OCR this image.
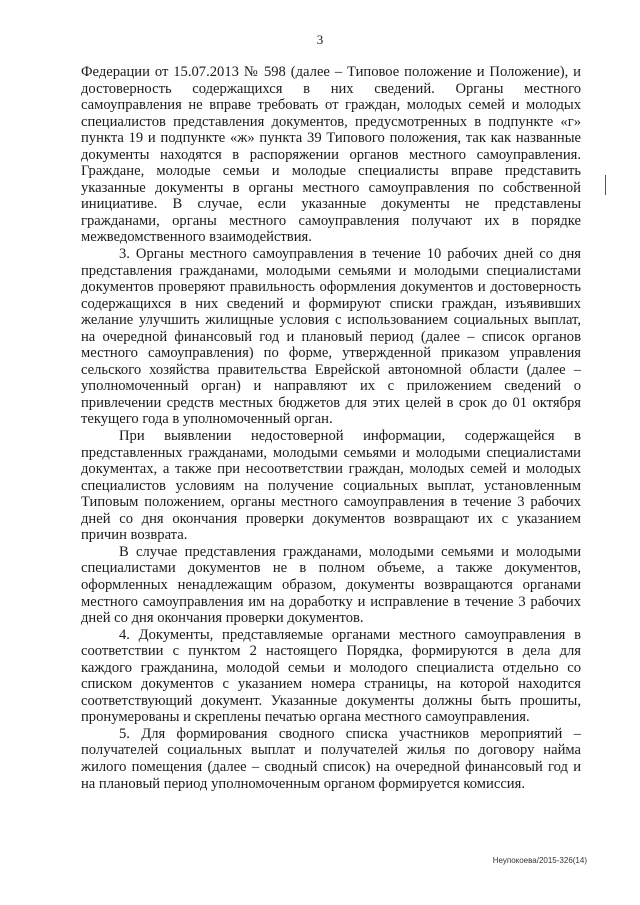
3

Федерации от 15.07.2013 № 598 (далее – Типовое положение и Положение), и достоверность содержащихся в них сведений. Органы местного самоуправления не вправе требовать от граждан, молодых семей и молодых специалистов представления документов, предусмотренных в подпункте «г» пункта 19 и подпункте «ж» пункта 39 Типового положения, так как названные документы находятся в распоряжении органов местного самоуправления. Граждане, молодые семьи и молодые специалисты вправе представить указанные документы в органы местного самоуправления по собственной инициативе. В случае, если указанные документы не представлены гражданами, органы местного самоуправления получают их в порядке межведомственного взаимодействия.

3. Органы местного самоуправления в течение 10 рабочих дней со дня представления гражданами, молодыми семьями и молодыми специалистами документов проверяют правильность оформления документов и достоверность содержащихся в них сведений и формируют списки граждан, изъявивших желание улучшить жилищные условия с использованием социальных выплат, на очередной финансовый год и плановый период (далее – список органов местного самоуправления) по форме, утвержденной приказом управления сельского хозяйства правительства Еврейской автономной области (далее – уполномоченный орган) и направляют их с приложением сведений о привлечении средств местных бюджетов для этих целей в срок до 01 октября текущего года в уполномоченный орган.

При выявлении недостоверной информации, содержащейся в представленных гражданами, молодыми семьями и молодыми специалистами документах, а также при несоответствии граждан, молодых семей и молодых специалистов условиям на получение социальных выплат, установленным Типовым положением, органы местного самоуправления в течение 3 рабочих дней со дня окончания проверки документов возвращают их с указанием причин возврата.

В случае представления гражданами, молодыми семьями и молодыми специалистами документов не в полном объеме, а также документов, оформленных ненадлежащим образом, документы возвращаются органами местного самоуправления им на доработку и исправление в течение 3 рабочих дней со дня окончания проверки документов.

4. Документы, представляемые органами местного самоуправления в соответствии с пунктом 2 настоящего Порядка, формируются в дела для каждого гражданина, молодой семьи и молодого специалиста отдельно со списком документов с указанием номера страницы, на которой находится соответствующий документ. Указанные документы должны быть прошиты, пронумерованы и скреплены печатью органа местного самоуправления.

5. Для формирования сводного списка участников мероприятий – получателей социальных выплат и получателей жилья по договору найма жилого помещения (далее – сводный список) на очередной финансовый год и на плановый период уполномоченным органом формируется комиссия.

Неупокоева/2015-326(14)
